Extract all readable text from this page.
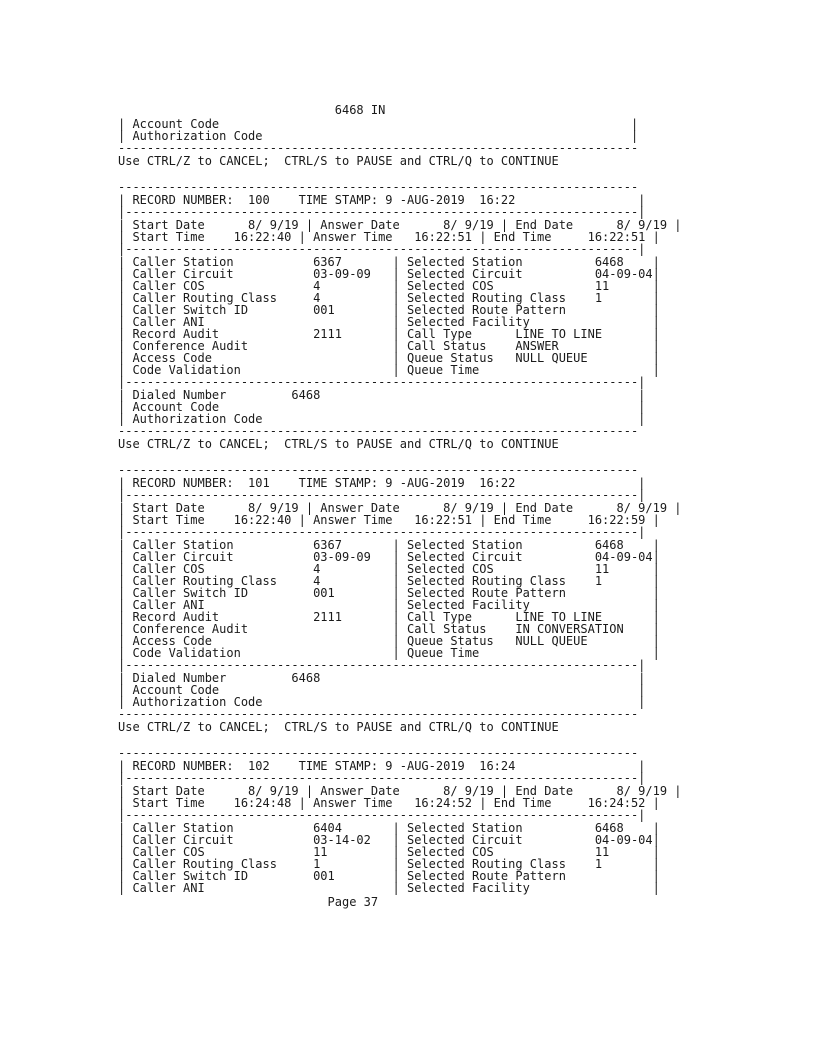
6468 IN
| Account Code                                                         |
| Authorization Code                                                   |
------------------------------------------------------------------------
Use CTRL/Z to CANCEL;  CTRL/S to PAUSE and CTRL/Q to CONTINUE
------------------------------------------------------------------------
| RECORD NUMBER:  100    TIME STAMP: 9 -AUG-2019  16:22                 |
|-----------------------------------------------------------------------|
| Start Date      8/ 9/19 | Answer Date      8/ 9/19 | End Date      8/ 9/19 |
| Start Time    16:22:40 | Answer Time   16:22:51 | End Time     16:22:51 |
|-----------------------------------------------------------------------|
| Caller Station           6367       | Selected Station          6468    |
| Caller Circuit           03-09-09   | Selected Circuit          04-09-04|
| Caller COS               4          | Selected COS              11      |
| Caller Routing Class     4          | Selected Routing Class    1       |
| Caller Switch ID         001        | Selected Route Pattern            |
| Caller ANI                          | Selected Facility                 |
| Record Audit             2111       | Call Type      LINE TO LINE       |
| Conference Audit                    | Call Status    ANSWER             |
| Access Code                         | Queue Status   NULL QUEUE         |
| Code Validation                     | Queue Time                        |
|-----------------------------------------------------------------------|
| Dialed Number         6468                                            |
| Account Code                                                          |
| Authorization Code                                                    |
------------------------------------------------------------------------
Use CTRL/Z to CANCEL;  CTRL/S to PAUSE and CTRL/Q to CONTINUE
------------------------------------------------------------------------
| RECORD NUMBER:  101    TIME STAMP: 9 -AUG-2019  16:22                 |
|-----------------------------------------------------------------------|
| Start Date      8/ 9/19 | Answer Date      8/ 9/19 | End Date      8/ 9/19 |
| Start Time    16:22:40 | Answer Time   16:22:51 | End Time     16:22:59 |
|-----------------------------------------------------------------------|
| Caller Station           6367       | Selected Station          6468    |
| Caller Circuit           03-09-09   | Selected Circuit          04-09-04|
| Caller COS               4          | Selected COS              11      |
| Caller Routing Class     4          | Selected Routing Class    1       |
| Caller Switch ID         001        | Selected Route Pattern            |
| Caller ANI                          | Selected Facility                 |
| Record Audit             2111       | Call Type      LINE TO LINE       |
| Conference Audit                    | Call Status    IN CONVERSATION    |
| Access Code                         | Queue Status   NULL QUEUE         |
| Code Validation                     | Queue Time                        |
|-----------------------------------------------------------------------|
| Dialed Number         6468                                            |
| Account Code                                                          |
| Authorization Code                                                    |
------------------------------------------------------------------------
Use CTRL/Z to CANCEL;  CTRL/S to PAUSE and CTRL/Q to CONTINUE
------------------------------------------------------------------------
| RECORD NUMBER:  102    TIME STAMP: 9 -AUG-2019  16:24                 |
|-----------------------------------------------------------------------|
| Start Date      8/ 9/19 | Answer Date      8/ 9/19 | End Date      8/ 9/19 |
| Start Time    16:24:48 | Answer Time   16:24:52 | End Time     16:24:52 |
|-----------------------------------------------------------------------|
| Caller Station           6404       | Selected Station          6468    |
| Caller Circuit           03-14-02   | Selected Circuit          04-09-04|
| Caller COS               11         | Selected COS              11      |
| Caller Routing Class     1          | Selected Routing Class    1       |
| Caller Switch ID         001        | Selected Route Pattern            |
| Caller ANI                          | Selected Facility                 |
Page 37
